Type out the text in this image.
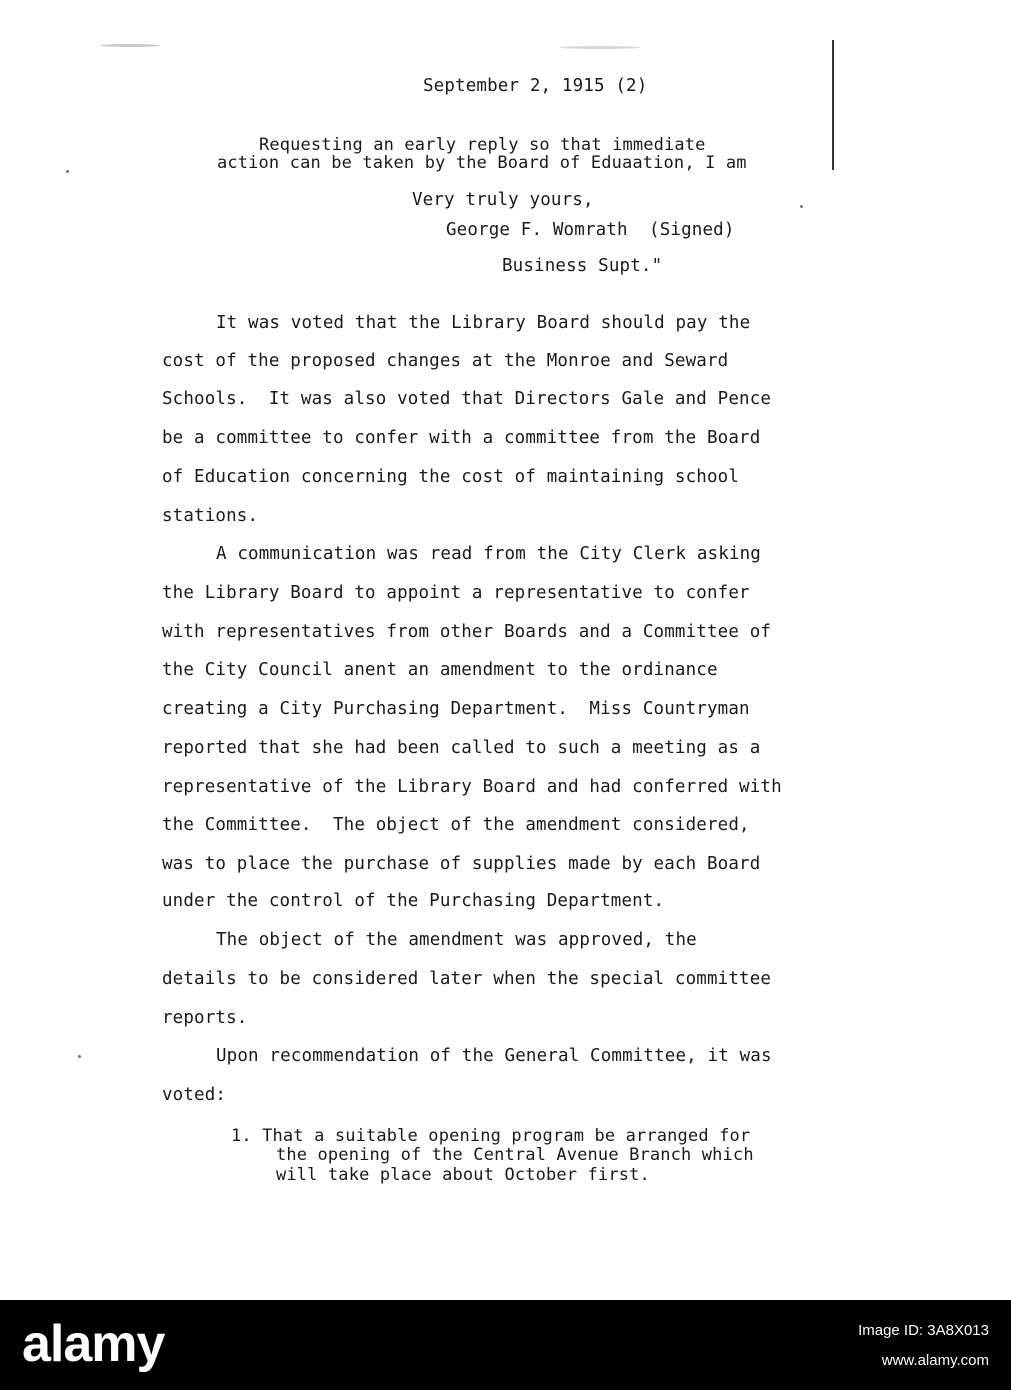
September 2, 1915 (2)
Requesting an early reply so that immediate
action can be taken by the Board of Eduaation, I am
Very truly yours,
George F. Womrath  (Signed)
Business Supt."
It was voted that the Library Board should pay the
cost of the proposed changes at the Monroe and Seward
Schools.  It was also voted that Directors Gale and Pence
be a committee to confer with a committee from the Board
of Education concerning the cost of maintaining school
stations.
A communication was read from the City Clerk asking
the Library Board to appoint a representative to confer
with representatives from other Boards and a Committee of
the City Council anent an amendment to the ordinance
creating a City Purchasing Department.  Miss Countryman
reported that she had been called to such a meeting as a
representative of the Library Board and had conferred with
the Committee.  The object of the amendment considered,
was to place the purchase of supplies made by each Board
under the control of the Purchasing Department.
The object of the amendment was approved, the
details to be considered later when the special committee
reports.
Upon recommendation of the General Committee, it was
voted:
1. That a suitable opening program be arranged for
the opening of the Central Avenue Branch which
will take place about October first.
alamy	Image ID: 3A8X013
www.alamy.com
